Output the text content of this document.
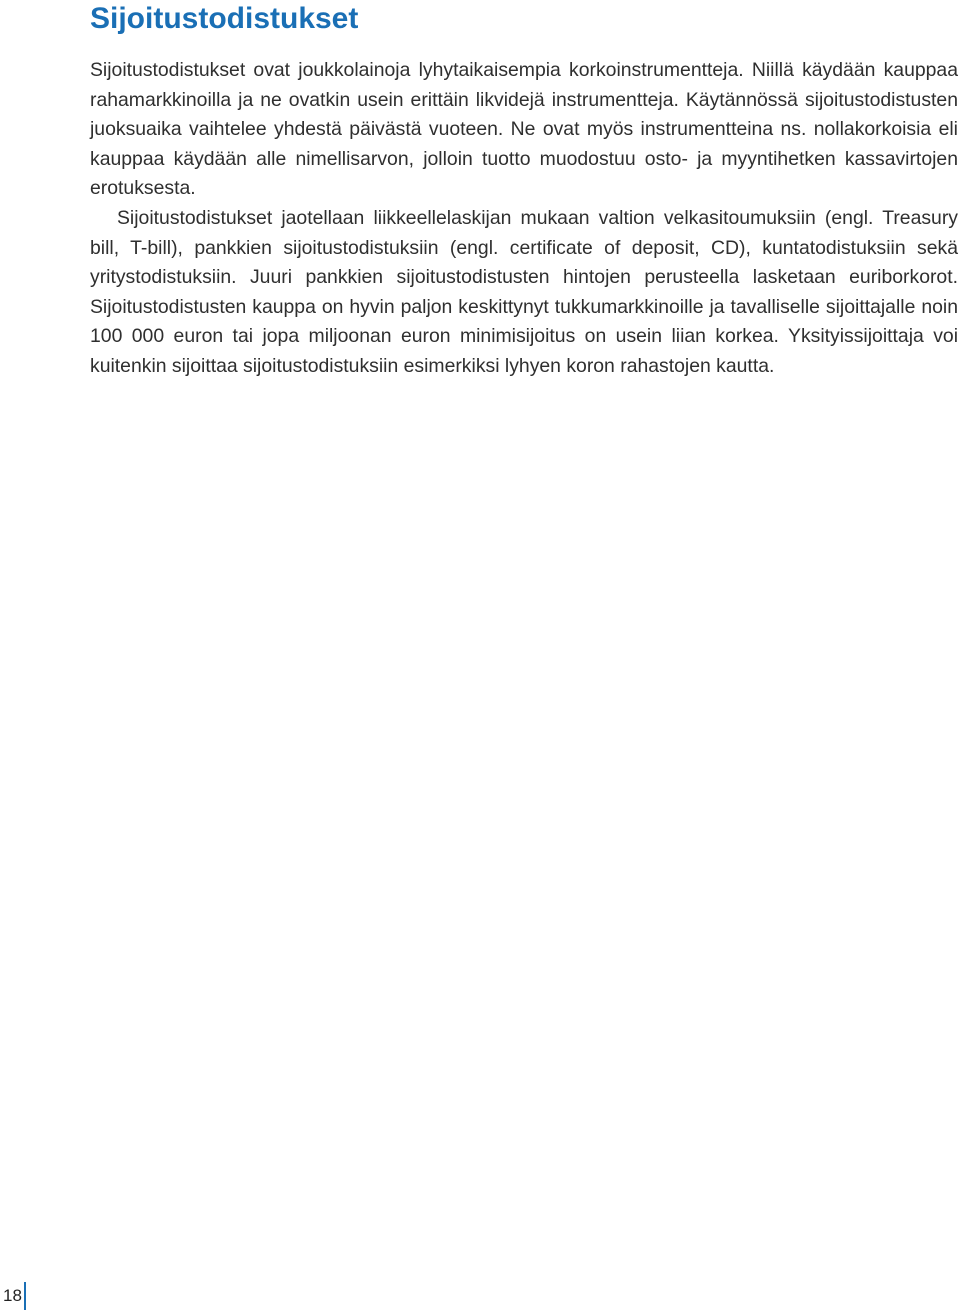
Sijoitustodistukset

Sijoitustodistukset ovat joukkolainoja lyhytaikaisempia korkoinstrumentteja. Niillä käydään kauppaa rahamarkkinoilla ja ne ovatkin usein erittäin likvidejä instrumentteja. Käytännössä sijoitustodistusten juoksuaika vaihtelee yhdestä päivästä vuoteen. Ne ovat myös instrumentteina ns. nollakorkoisia eli kauppaa käydään alle nimellisarvon, jolloin tuotto muodostuu osto- ja myyntihetken kassavirtojen erotuksesta.

Sijoitustodistukset jaotellaan liikkeellelaskijan mukaan valtion velkasitoumuksiin (engl. Treasury bill, T-bill), pankkien sijoitustodistuksiin (engl. certificate of deposit, CD), kuntatodistuksiin sekä yritystodistuksiin. Juuri pankkien sijoitustodistusten hintojen perusteella lasketaan euriborkorot. Sijoitustodistusten kauppa on hyvin paljon keskittynyt tukkumarkkinoille ja tavalliselle sijoittajalle noin 100 000 euron tai jopa miljoonan euron minimisijoitus on usein liian korkea. Yksityissijoittaja voi kuitenkin sijoittaa sijoitustodistuksiin esimerkiksi lyhyen koron rahastojen kautta.

18
